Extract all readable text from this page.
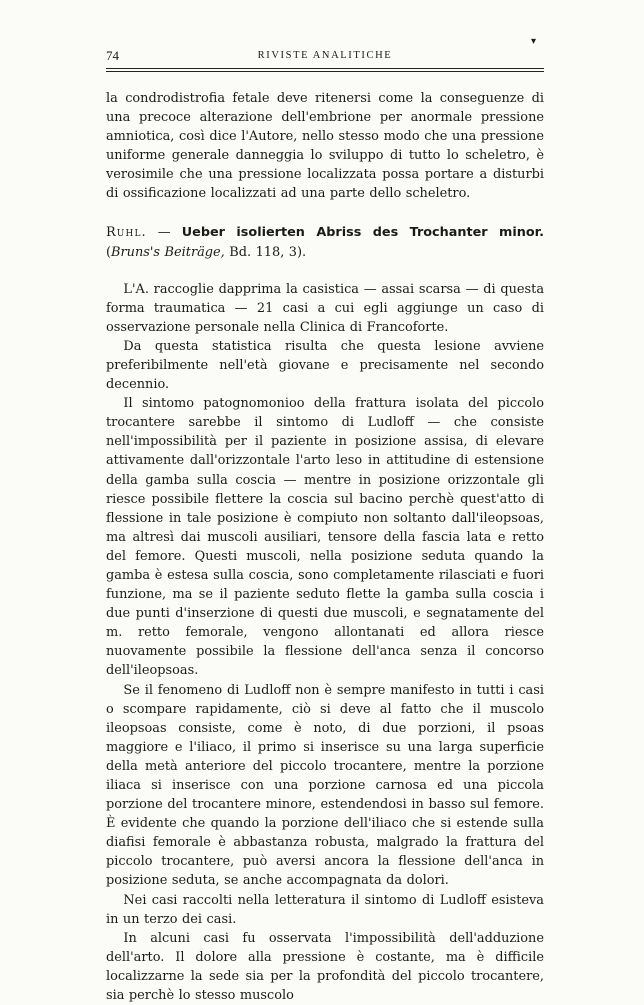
▾
74	RIVISTE ANALITICHE

la condrodistrofia fetale deve ritenersi come la conseguenze di una precoce alterazione dell'embrione per anormale pressione amniotica, così dice l'Autore, nello stesso modo che una pressione uniforme generale danneggia lo sviluppo di tutto lo scheletro, è verosimile che una pressione localizzata possa portare a disturbi di ossificazione localizzati ad una parte dello scheletro.

Ruhl. — Ueber isolierten Abriss des Trochanter minor. (Bruns's Beiträge, Bd. 118, 3).

L'A. raccoglie dapprima la casistica — assai scarsa — di questa forma traumatica — 21 casi a cui egli aggiunge un caso di osservazione personale nella Clinica di Francoforte.

Da questa statistica risulta che questa lesione avviene preferibilmente nell'età giovane e precisamente nel secondo decennio.

Il sintomo patognomonioo della frattura isolata del piccolo trocantere sarebbe il sintomo di Ludloff — che consiste nell'impossibilità per il paziente in posizione assisa, di elevare attivamente dall'orizzontale l'arto leso in attitudine di estensione della gamba sulla coscia — mentre in posizione orizzontale gli riesce possibile flettere la coscia sul bacino perchè quest'atto di flessione in tale posizione è compiuto non soltanto dall'ileopsoas, ma altresì dai muscoli ausiliari, tensore della fascia lata e retto del femore. Questi muscoli, nella posizione seduta quando la gamba è estesa sulla coscia, sono completamente rilasciati e fuori funzione, ma se il paziente seduto flette la gamba sulla coscia i due punti d'inserzione di questi due muscoli, e segnatamente del m. retto femorale, vengono allontanati ed allora riesce nuovamente possibile la flessione dell'anca senza il concorso dell'ileopsoas.

Se il fenomeno di Ludloff non è sempre manifesto in tutti i casi o scompare rapidamente, ciò si deve al fatto che il muscolo ileopsoas consiste, come è noto, di due porzioni, il psoas maggiore e l'iliaco, il primo si inserisce su una larga superficie della metà anteriore del piccolo trocantere, mentre la porzione iliaca si inserisce con una porzione carnosa ed una piccola porzione del trocantere minore, estendendosi in basso sul femore. È evidente che quando la porzione dell'iliaco che si estende sulla diafisi femorale è abbastanza robusta, malgrado la frattura del piccolo trocantere, può aversi ancora la flessione dell'anca in posizione seduta, se anche accompagnata da dolori.

Nei casi raccolti nella letteratura il sintomo di Ludloff esisteva in un terzo dei casi.

In alcuni casi fu osservata l'impossibilità dell'adduzione dell'arto. Il dolore alla pressione è costante, ma è difficile localizzarne la sede sia per la profondità del piccolo trocantere, sia perchè lo stesso muscolo
